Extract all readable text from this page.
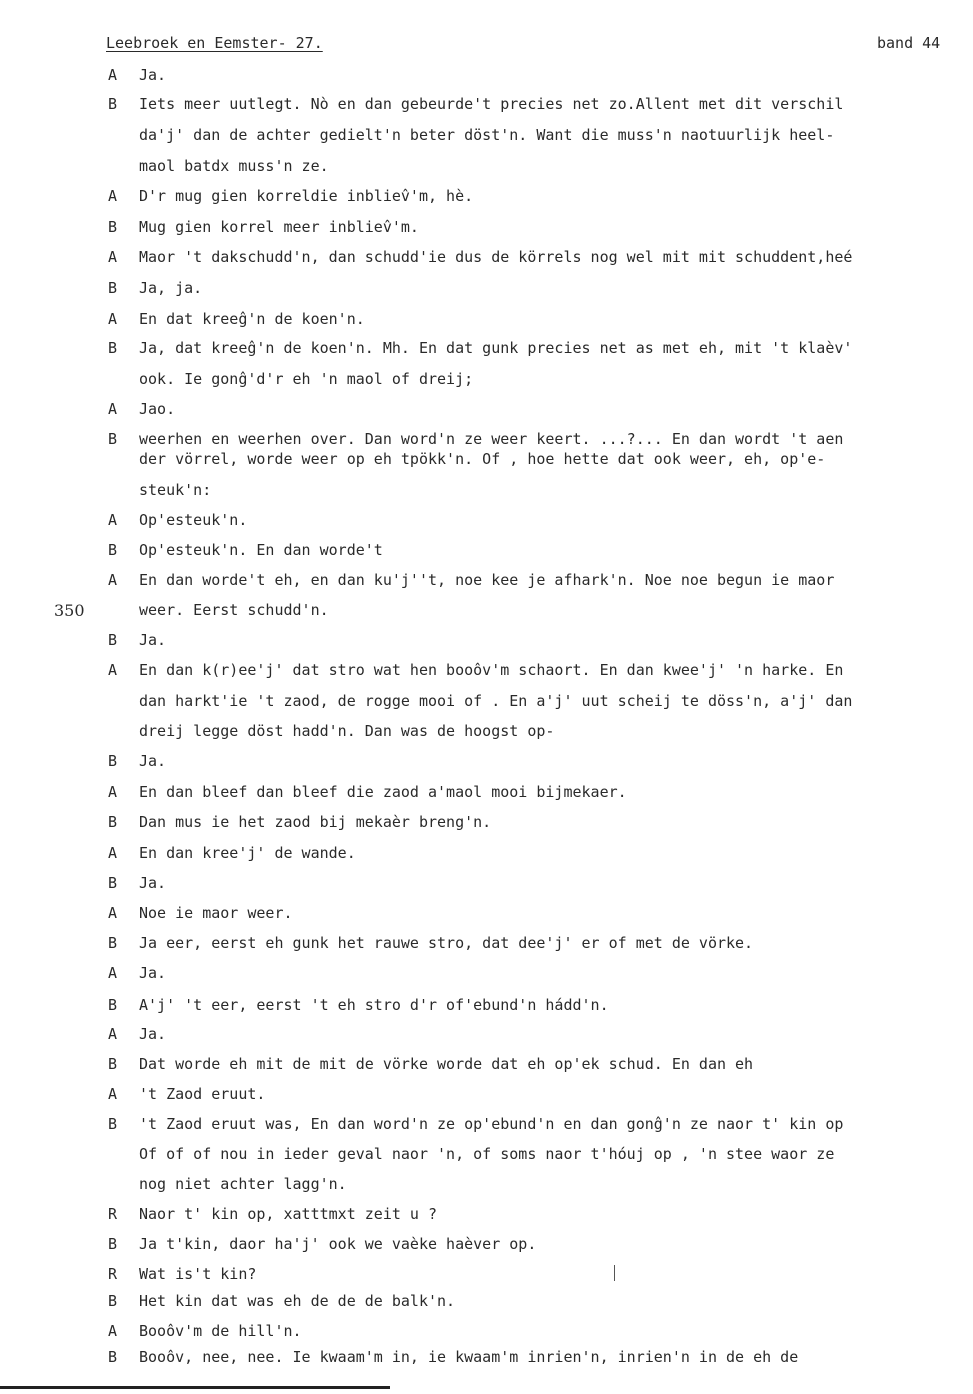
Leebroek en Eemster- 27.	band 44
350
A Ja.
B Iets meer uutlegt. Nò en dan gebeurde't precies net zo.Allent met dit verschil
da'j' dan de achter gedielt'n beter döst'n. Want die muss'n naotuurlijk heel-
maol batdx muss'n ze.
A D'r mug gien korreldie inbliev̂'m, hè.
B Mug gien korrel meer inbliev̂'m.
A Maor 't dakschudd'n, dan schudd'ie dus de körrels nog wel mit mit schuddent,heé
B Ja, ja.
A En dat kreeĝ'n de koen'n.
B Ja, dat kreeĝ'n de koen'n. Mh. En dat gunk precies net as met eh, mit 't klaèv'
ook. Ie gonĝ'd'r eh 'n maol of dreij;
A Jao.
B weerhen en weerhen over. Dan word'n ze weer keert. ...?... En dan wordt 't aen
der vörrel, worde weer op eh tрökk'n. Of , hoe hette dat ook weer, eh, op'e-
steuk'n:
A Op'esteuk'n.
B Op'esteuk'n. En dan worde't
A En dan worde't eh, en dan ku'j''t, noe kee je afhark'n. Noe noe begun ie maor
weer. Eerst schudd'n.
B Ja.
A En dan k(r)ee'j' dat stro wat hen booôv'm schaort. En dan kwee'j' 'n harke. En
dan harkt'ie 't zaod, de rogge mooi of . En a'j' uut scheij te döss'n, a'j' dan
dreij legge döst hadd'n. Dan was de hoogst op-
B Ja.
A En dan bleef dan bleef die zaod a'maol mooi bijmekaer.
B Dan mus ie het zaod bij mekaèr breng'n.
A En dan kree'j' de wande.
B Ja.
A Noe ie maor weer.
B Ja eer, eerst eh gunk het rauwe stro, dat dee'j' er of met de vörke.
A Ja.
B A'j' 't eer, eerst 't eh stro d'r of'ebund'n hádd'n.
A Ja.
B Dat worde eh mit de mit de vörke worde dat eh op'ek schud. En dan eh
A 't Zaod eruut.
B 't Zaod eruut was, En dan word'n ze op'ebund'n en dan gonĝ'n ze naor t' kin op
Of of of nou in ieder geval naor 'n, of soms naor t'hóuj op , 'n stee waor ze
nog niet achter lagg'n.
R Naor t' kin op, xatttmxt zeit u ?
B Ja t'kin, daor ha'j' ook we vaèke haèver op.
R Wat is't kin?
B Het kin dat was eh de de de balk'n.
A Booôv'm de hill'n.
B Booôv, nee, nee. Ie kwaam'm in, ie kwaam'm inrien'n, inrien'n in de eh de
